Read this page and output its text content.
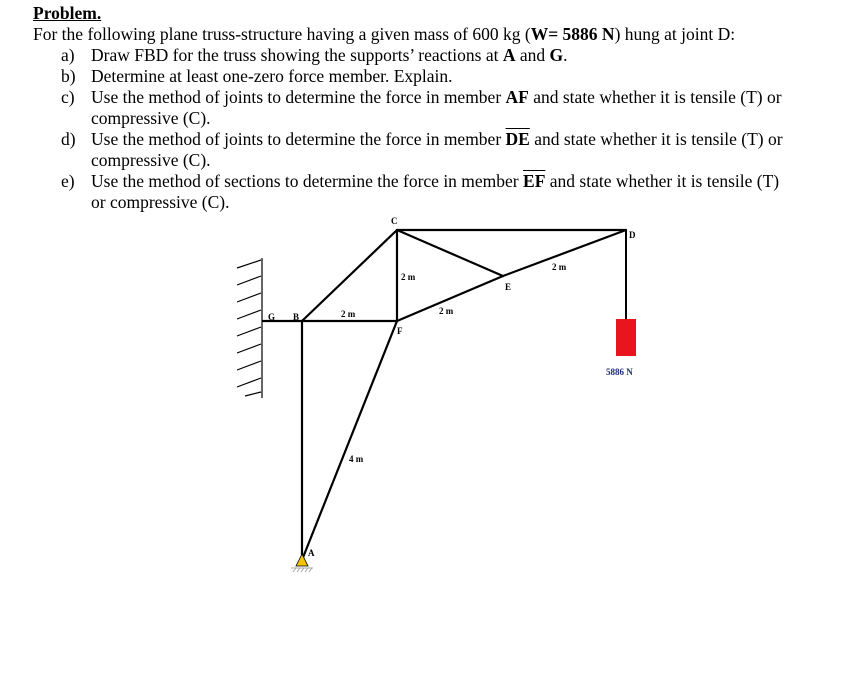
Problem.
For the following plane truss-structure having a given mass of 600 kg (W= 5886 N) hung at joint D:
a) Draw FBD for the truss showing the supports’ reactions at A and G.
b) Determine at least one-zero force member. Explain.
c) Use the method of joints to determine the force in member AF and state whether it is tensile (T) or
compressive (C).
d) Use the method of joints to determine the force in member $\overline{DE}$ and state whether it is tensile (T) or
compressive (C).
e) Use the method of sections to determine the force in member $\overline{EF}$ and state whether it is tensile (T)
or compressive (C).
5886 N
G B
C
D
E
F
A
2 m
2 m
2 m
2 m
4 m
